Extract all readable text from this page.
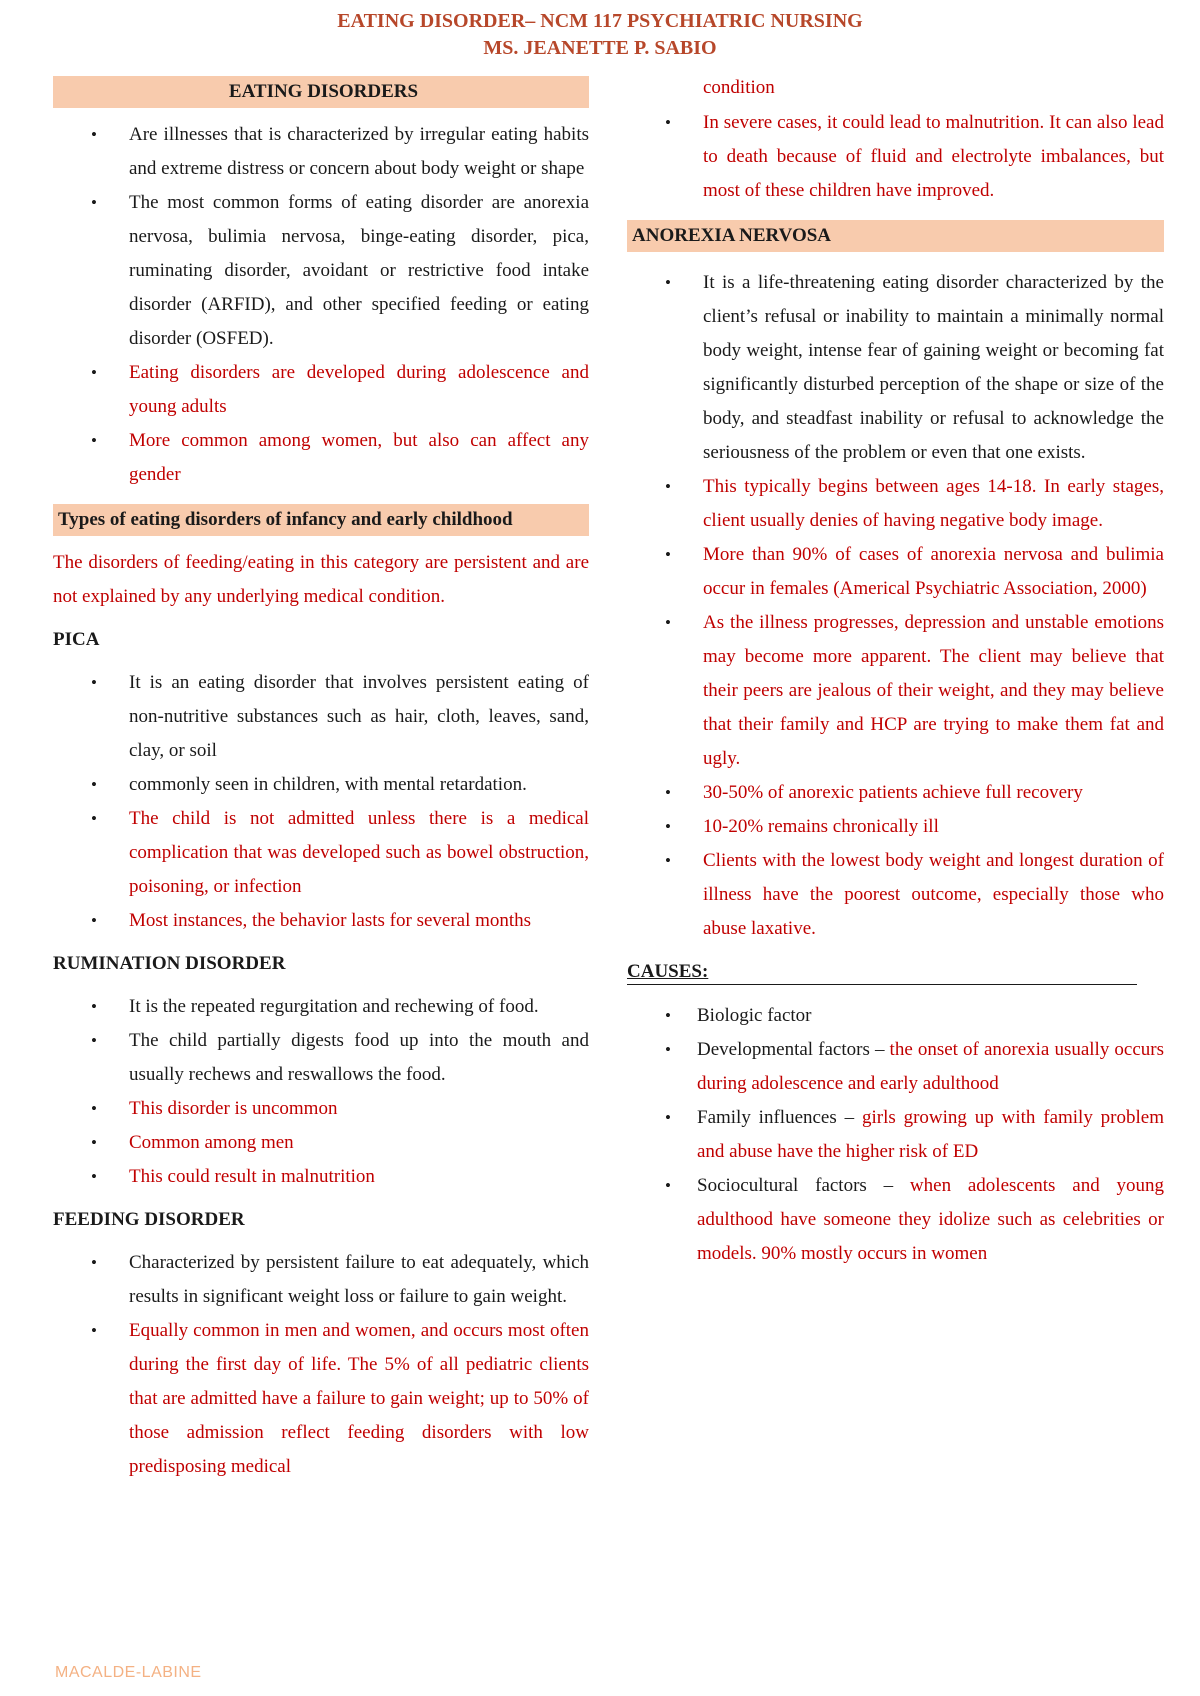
EATING DISORDER– NCM 117 PSYCHIATRIC NURSING
MS. JEANETTE P. SABIO
EATING DISORDERS
• Are illnesses that is characterized by irregular eating habits and extreme distress or concern about body weight or shape
• The most common forms of eating disorder are anorexia nervosa, bulimia nervosa, binge-eating disorder, pica, ruminating disorder, avoidant or restrictive food intake disorder (ARFID), and other specified feeding or eating disorder (OSFED).
• Eating disorders are developed during adolescence and young adults
• More common among women, but also can affect any gender
Types of eating disorders of infancy and early childhood
The disorders of feeding/eating in this category are persistent and are not explained by any underlying medical condition.
PICA
• It is an eating disorder that involves persistent eating of non-nutritive substances such as hair, cloth, leaves, sand, clay, or soil
• commonly seen in children, with mental retardation.
• The child is not admitted unless there is a medical complication that was developed such as bowel obstruction, poisoning, or infection
• Most instances, the behavior lasts for several months
RUMINATION DISORDER
• It is the repeated regurgitation and rechewing of food.
• The child partially digests food up into the mouth and usually rechews and reswallows the food.
• This disorder is uncommon
• Common among men
• This could result in malnutrition
FEEDING DISORDER
• Characterized by persistent failure to eat adequately, which results in significant weight loss or failure to gain weight.
• Equally common in men and women, and occurs most often during the first day of life. The 5% of all pediatric clients that are admitted have a failure to gain weight; up to 50% of those admission reflect feeding disorders with low predisposing medical
condition
• In severe cases, it could lead to malnutrition. It can also lead to death because of fluid and electrolyte imbalances, but most of these children have improved.
ANOREXIA NERVOSA
• It is a life-threatening eating disorder characterized by the client’s refusal or inability to maintain a minimally normal body weight, intense fear of gaining weight or becoming fat significantly disturbed perception of the shape or size of the body, and steadfast inability or refusal to acknowledge the seriousness of the problem or even that one exists.
• This typically begins between ages 14-18. In early stages, client usually denies of having negative body image.
• More than 90% of cases of anorexia nervosa and bulimia occur in females (Americal Psychiatric Association, 2000)
• As the illness progresses, depression and unstable emotions may become more apparent. The client may believe that their peers are jealous of their weight, and they may believe that their family and HCP are trying to make them fat and ugly.
• 30-50% of anorexic patients achieve full recovery
• 10-20% remains chronically ill
• Clients with the lowest body weight and longest duration of illness have the poorest outcome, especially those who abuse laxative.
CAUSES:
• Biologic factor
• Developmental factors – the onset of anorexia usually occurs during adolescence and early adulthood
• Family influences – girls growing up with family problem and abuse have the higher risk of ED
• Sociocultural factors – when adolescents and young adulthood have someone they idolize such as celebrities or models. 90% mostly occurs in women
MACALDE-LABINE
